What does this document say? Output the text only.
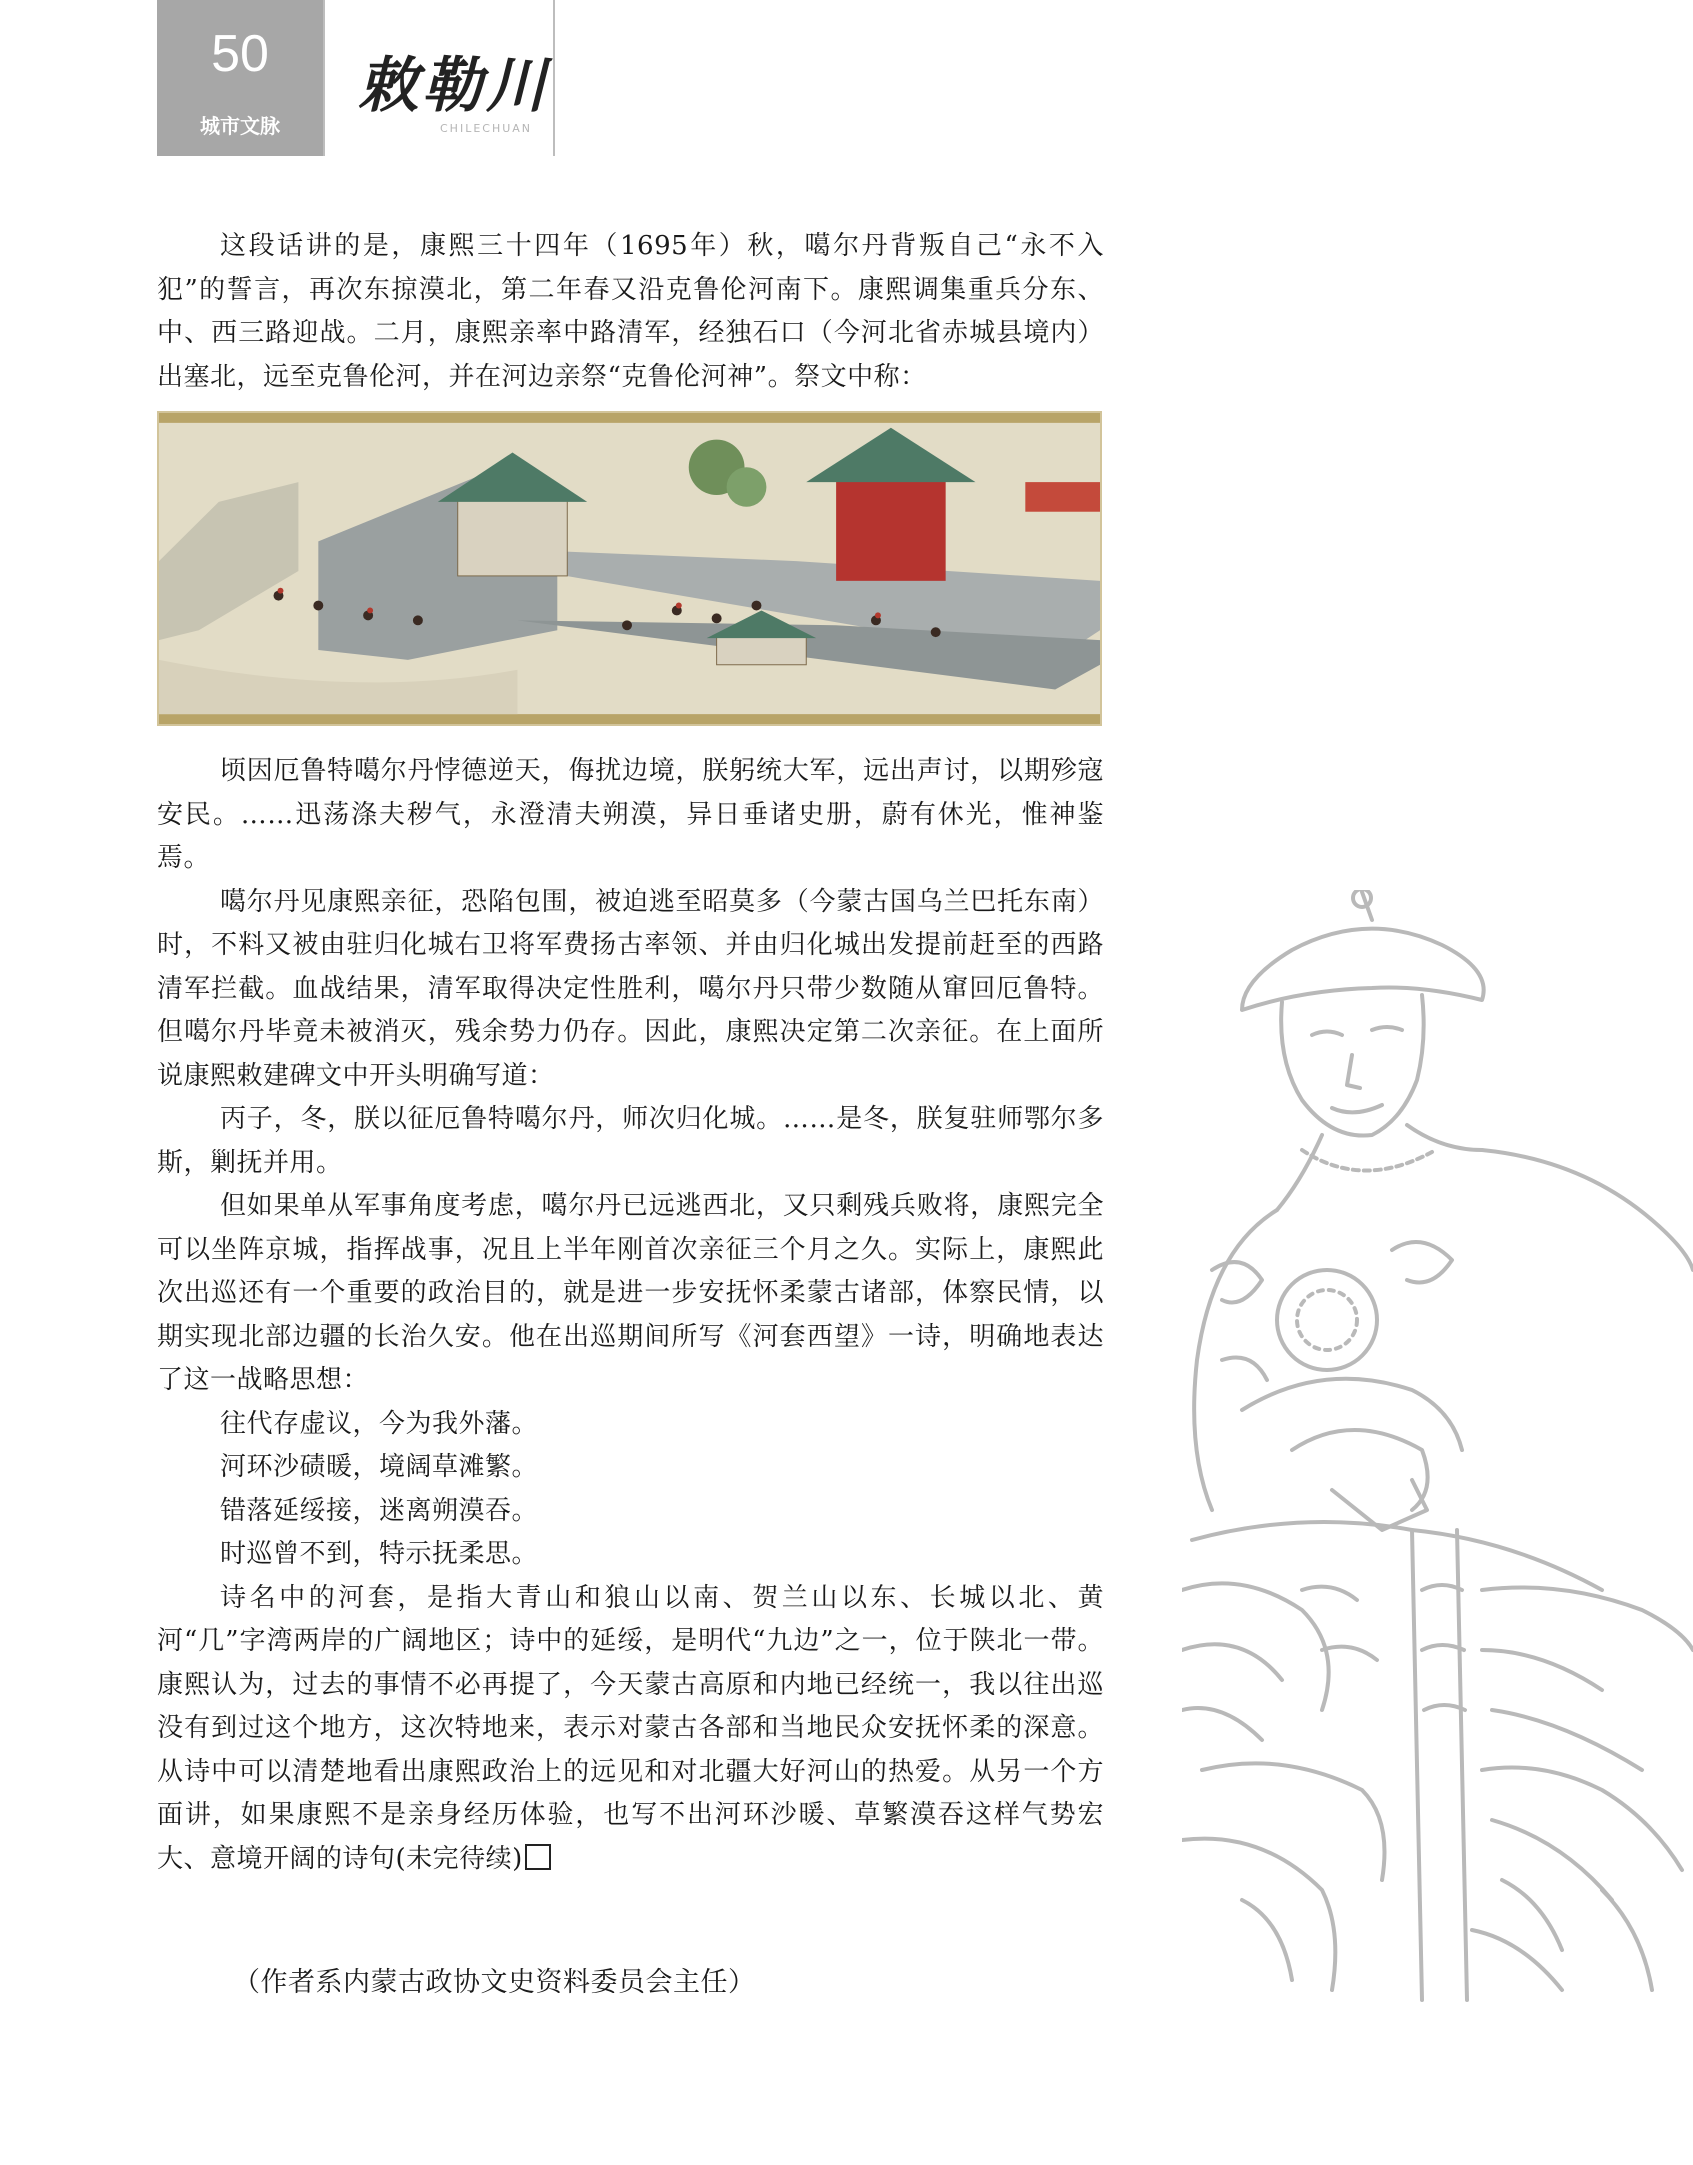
50
城市文脉
敕勒川
CHILECHUAN

这段话讲的是，康熙三十四年（1695年）秋，噶尔丹背叛自己“永不入犯”的誓言，再次东掠漠北，第二年春又沿克鲁伦河南下。康熙调集重兵分东、中、西三路迎战。二月，康熙亲率中路清军，经独石口（今河北省赤城县境内）出塞北，远至克鲁伦河，并在河边亲祭“克鲁伦河神”。祭文中称：

顷因厄鲁特噶尔丹悖德逆天，侮扰边境，朕躬统大军，远出声讨，以期殄寇安民。……迅荡涤夫秽气，永澄清夫朔漠，异日垂诸史册，蔚有休光，惟神鉴焉。

噶尔丹见康熙亲征，恐陷包围，被迫逃至昭莫多（今蒙古国乌兰巴托东南）时，不料又被由驻归化城右卫将军费扬古率领、并由归化城出发提前赶至的西路清军拦截。血战结果，清军取得决定性胜利，噶尔丹只带少数随从窜回厄鲁特。但噶尔丹毕竟未被消灭，残余势力仍存。因此，康熙决定第二次亲征。在上面所说康熙敕建碑文中开头明确写道：

丙子，冬，朕以征厄鲁特噶尔丹，师次归化城。……是冬，朕复驻师鄂尔多斯，剿抚并用。

但如果单从军事角度考虑，噶尔丹已远逃西北，又只剩残兵败将，康熙完全可以坐阵京城，指挥战事，况且上半年刚首次亲征三个月之久。实际上，康熙此次出巡还有一个重要的政治目的，就是进一步安抚怀柔蒙古诸部，体察民情，以期实现北部边疆的长治久安。他在出巡期间所写《河套西望》一诗，明确地表达了这一战略思想：

往代存虚议，今为我外藩。

河环沙碛暖，境阔草滩繁。

错落延绥接，迷离朔漠吞。

时巡曾不到，特示抚柔思。

诗名中的河套，是指大青山和狼山以南、贺兰山以东、长城以北、黄河“几”字湾两岸的广阔地区；诗中的延绥，是明代“九边”之一，位于陕北一带。康熙认为，过去的事情不必再提了，今天蒙古高原和内地已经统一，我以往出巡没有到过这个地方，这次特地来，表示对蒙古各部和当地民众安抚怀柔的深意。从诗中可以清楚地看出康熙政治上的远见和对北疆大好河山的热爱。从另一个方面讲，如果康熙不是亲身经历体验，也写不出河环沙暖、草繁漠吞这样气势宏大、意境开阔的诗句(未完待续)

（作者系内蒙古政协文史资料委员会主任）
